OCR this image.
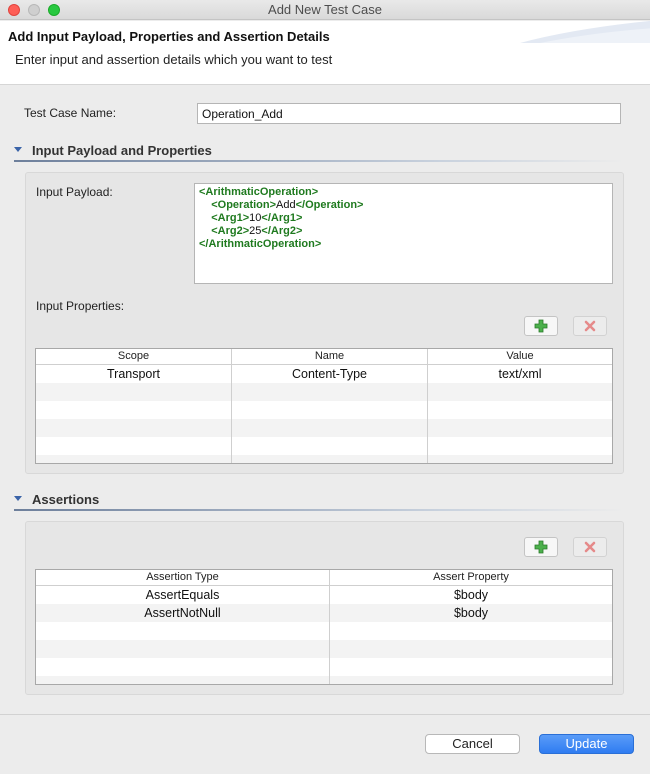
Add New Test Case
Add Input Payload, Properties and Assertion Details
Enter input and assertion details which you want to test
Test Case Name:
Operation_Add
Input Payload and Properties
Input Payload:	<ArithmaticOperation>
<Operation>Add</Operation>
<Arg1>10</Arg1>
<Arg2>25</Arg2>
</ArithmaticOperation>
Input Properties:
Scope	Name	Value
Transport	Content-Type	text/xml
Assertions
Assertion Type	Assert Property
AssertEquals	$body
AssertNotNull	$body
Cancel	Update
